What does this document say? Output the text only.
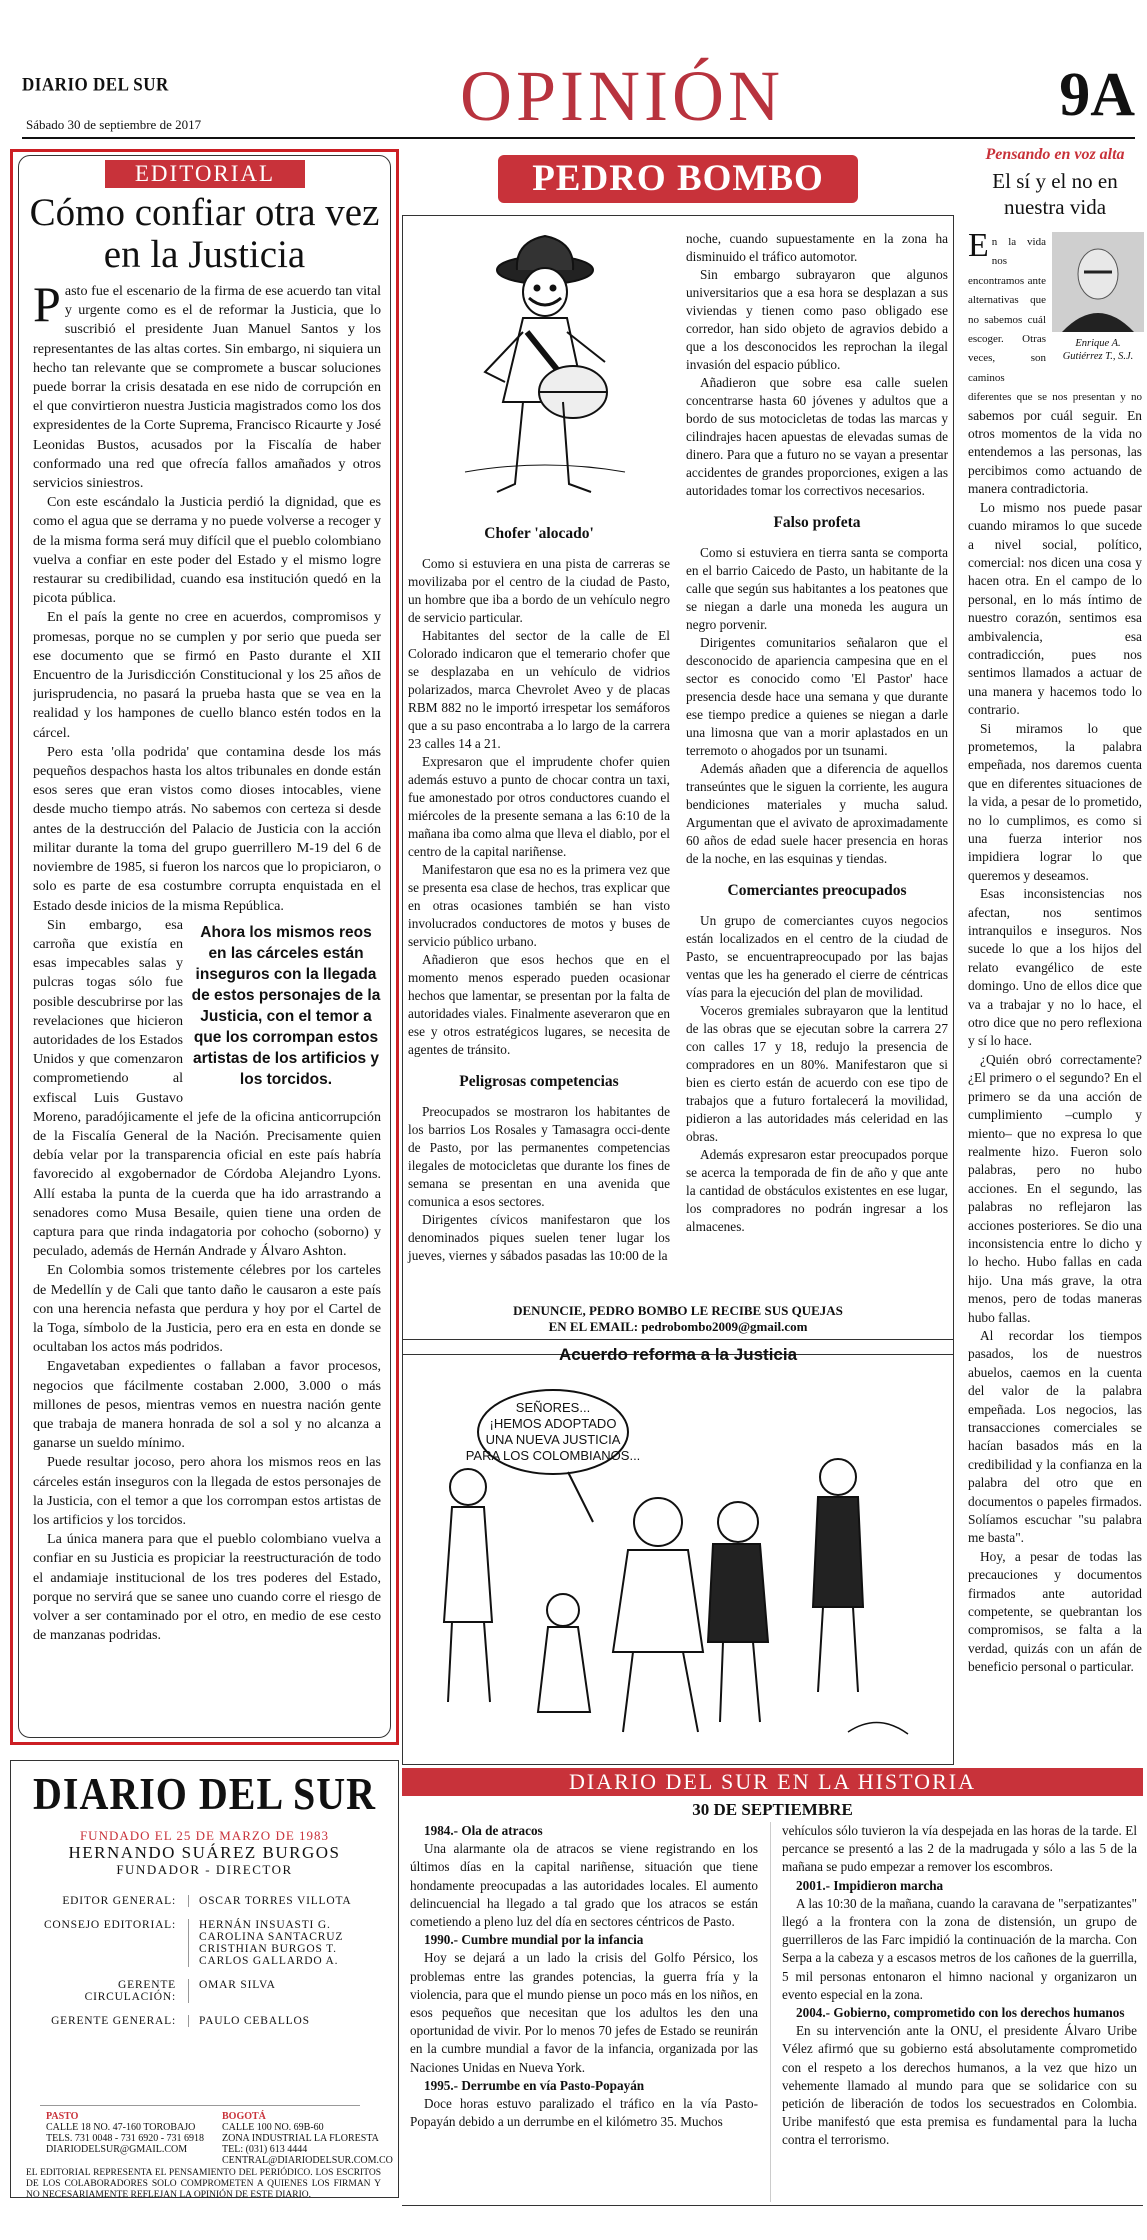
DIARIO DEL SUR
Sábado 30 de septiembre de 2017	OPINIÓN	9A
EDITORIAL
Cómo confiar otra vez en la Justicia

Pasto fue el escenario de la firma de ese acuerdo tan vital y urgente como es el de reformar la Justicia, que lo suscribió el presidente Juan Manuel Santos y los representantes de las altas cortes. Sin embargo, ni siquiera un hecho tan relevante que se compromete a buscar soluciones puede borrar la crisis desatada en ese nido de corrupción en el que convirtieron nuestra Justicia magistrados como los dos expresidentes de la Corte Suprema, Francisco Ricaurte y José Leonidas Bustos, acusados por la Fiscalía de haber conformado una red que ofrecía fallos amañados y otros servicios siniestros.

Con este escándalo la Justicia perdió la dignidad, que es como el agua que se derrama y no puede volverse a recoger y de la misma forma será muy difícil que el pueblo colombiano vuelva a confiar en este poder del Estado y el mismo logre restaurar su credibilidad, cuando esa institución quedó en la picota pública.

En el país la gente no cree en acuerdos, compromisos y promesas, porque no se cumplen y por serio que pueda ser ese documento que se firmó en Pasto durante el XII Encuentro de la Jurisdicción Constitucional y los 25 años de jurisprudencia, no pasará la prueba hasta que se vea en la realidad y los hampones de cuello blanco estén todos en la cárcel.

Pero esta 'olla podrida' que contamina desde los más pequeños despachos hasta los altos tribunales en donde están esos seres que eran vistos como dioses intocables, viene desde mucho tiempo atrás. No sabemos con certeza si desde antes de la destrucción del Palacio de Justicia con la acción militar durante la toma del grupo guerrillero M-19 del 6 de noviembre de 1985, si fueron los narcos que lo propiciaron, o solo es parte de esa costumbre corrupta enquistada en el Estado desde inicios de la misma República.

Ahora los mismos reos en las cárceles están inseguros con la llegada de estos personajes de la Justicia, con el temor a que los corrompan estos artistas de los artificios y los torcidos.
Sin embargo, esa carroña que existía en esas impecables salas y pulcras togas sólo fue posible descubrirse por las revelaciones que hicieron autoridades de los Estados Unidos y que comenzaron comprometiendo al exfiscal Luis Gustavo Moreno, paradójicamente el jefe de la oficina anticorrupción de la Fiscalía General de la Nación. Precisamente quien debía velar por la transparencia oficial en este país habría favorecido al exgobernador de Córdoba Alejandro Lyons. Allí estaba la punta de la cuerda que ha ido arrastrando a senadores como Musa Besaile, quien tiene una orden de captura para que rinda indagatoria por cohocho (soborno) y peculado, además de Hernán Andrade y Álvaro Ashton.

En Colombia somos tristemente célebres por los carteles de Medellín y de Cali que tanto daño le causaron a este país con una herencia nefasta que perdura y hoy por el Cartel de la Toga, símbolo de la Justicia, pero era en esta en donde se ocultaban los actos más podridos.

Engavetaban expedientes o fallaban a favor procesos, negocios que fácilmente costaban 2.000, 3.000 o más millones de pesos, mientras vemos en nuestra nación gente que trabaja de manera honrada de sol a sol y no alcanza a ganarse un sueldo mínimo.

Puede resultar jocoso, pero ahora los mismos reos en las cárceles están inseguros con la llegada de estos personajes de la Justicia, con el temor a que los corrompan estos artistas de los artificios y los torcidos.

La única manera para que el pueblo colombiano vuelva a confiar en su Justicia es propiciar la reestructuración de todo el andamiaje institucional de los tres poderes del Estado, porque no servirá que se sanee uno cuando corre el riesgo de volver a ser contaminado por el otro, en medio de ese cesto de manzanas podridas.

DIARIO DEL SUR
FUNDADO EL 25 DE MARZO DE 1983
HERNANDO SUÁREZ BURGOS
FUNDADOR - DIRECTOR
EDITOR GENERAL:	OSCAR TORRES VILLOTA
CONSEJO EDITORIAL:	HERNÁN INSUASTI G.
CAROLINA SANTACRUZ
CRISTHIAN BURGOS T.
CARLOS GALLARDO A.
GERENTE CIRCULACIÓN:
OMAR SILVA
GERENTE GENERAL:	PAULO CEBALLOS
PASTO
CALLE 18 NO. 47-160 TOROBAJO
TELS. 731 0048 - 731 6920 - 731 6918
DIARIODELSUR@GMAIL.COM
BOGOTÁ
CALLE 100 NO. 69B-60
ZONA INDUSTRIAL LA FLORESTA
TEL: (031) 613 4444
CENTRAL@DIARIODELSUR.COM.CO
EL EDITORIAL REPRESENTA EL PENSAMIENTO DEL PERIÓDICO. LOS ESCRITOS DE LOS COLABORADORES SOLO COMPROMETEN A QUIENES LOS FIRMAN Y NO NECESARIAMENTE REFLEJAN LA OPINIÓN DE ESTE DIARIO.
PEDRO BOMBO
Chofer 'alocado'

Como si estuviera en una pista de carreras se movilizaba por el centro de la ciudad de Pasto, un hombre que iba a bordo de un vehículo negro de servicio particular.

Habitantes del sector de la calle de El Colorado indicaron que el temerario chofer que se desplazaba en un vehículo de vidrios polarizados, marca Chevrolet Aveo y de placas RBM 882 no le importó irrespetar los semáforos que a su paso encontraba a lo largo de la carrera 23 calles 14 a 21.

Expresaron que el imprudente chofer quien además estuvo a punto de chocar contra un taxi, fue amonestado por otros conductores cuando el miércoles de la presente semana a las 6:10 de la mañana iba como alma que lleva el diablo, por el centro de la capital nariñense.

Manifestaron que esa no es la primera vez que se presenta esa clase de hechos, tras explicar que en otras ocasiones también se han visto involucrados conductores de motos y buses de servicio público urbano.

Añadieron que esos hechos que en el momento menos esperado pueden ocasionar hechos que lamentar, se presentan por la falta de autoridades viales. Finalmente aseveraron que en ese y otros estratégicos lugares, se necesita de agentes de tránsito.

Peligrosas competencias

Preocupados se mostraron los habitantes de los barrios Los Rosales y Tamasagra occi-dente de Pasto, por las permanentes competencias ilegales de motocicletas que durante los fines de semana se presentan en una avenida que comunica a esos sectores.

Dirigentes cívicos manifestaron que los denominados piques suelen tener lugar los jueves, viernes y sábados pasadas las 10:00 de la

noche, cuando supuestamente en la zona ha disminuido el tráfico automotor.

Sin embargo subrayaron que algunos universitarios que a esa hora se desplazan a sus viviendas y tienen como paso obligado ese corredor, han sido objeto de agravios debido a que a los desconocidos les reprochan la ilegal invasión del espacio público.

Añadieron que sobre esa calle suelen concentrarse hasta 60 jóvenes y adultos que a bordo de sus motocicletas de todas las marcas y cilindrajes hacen apuestas de elevadas sumas de dinero. Para que a futuro no se vayan a presentar accidentes de grandes proporciones, exigen a las autoridades tomar los correctivos necesarios.

Falso profeta

Como si estuviera en tierra santa se comporta en el barrio Caicedo de Pasto, un habitante de la calle que según sus habitantes a los peatones que se niegan a darle una moneda les augura un negro porvenir.

Dirigentes comunitarios señalaron que el desconocido de apariencia campesina que en el sector es conocido como 'El Pastor' hace presencia desde hace una semana y que durante ese tiempo predice a quienes se niegan a darle una limosna que van a morir aplastados en un terremoto o ahogados por un tsunami.

Además añaden que a diferencia de aquellos transeúntes que le siguen la corriente, les augura bendiciones materiales y mucha salud. Argumentan que el avivato de aproximadamente 60 años de edad suele hacer presencia en horas de la noche, en las esquinas y tiendas.

Comerciantes preocupados

Un grupo de comerciantes cuyos negocios están localizados en el centro de la ciudad de Pasto, se encuentrapreocupado por las bajas ventas que les ha generado el cierre de céntricas vías para la ejecución del plan de movilidad.

Voceros gremiales subrayaron que la lentitud de las obras que se ejecutan sobre la carrera 27 con calles 17 y 18, redujo la presencia de compradores en un 80%. Manifestaron que si bien es cierto están de acuerdo con ese tipo de trabajos que a futuro fortalecerá la movilidad, pidieron a las autoridades más celeridad en las obras.

Además expresaron estar preocupados porque se acerca la temporada de fin de año y que ante la cantidad de obstáculos existentes en ese lugar, los compradores no podrán ingresar a los almacenes.

DENUNCIE, PEDRO BOMBO LE RECIBE SUS QUEJAS
EN EL EMAIL: pedrobombo2009@gmail.com
Acuerdo reforma a la Justicia
SEÑORES...
¡HEMOS ADOPTADO
UNA NUEVA JUSTICIA
PARA LOS COLOMBIANOS...
Pensando en voz alta
El sí y el no en nuestra vida
Enrique A.
Gutiérrez T., S.J.

En la vida nos encontramos ante alternativas que no sabemos cuál escoger. Otras veces, son caminos diferentes que se nos presentan y no sabemos por cuál seguir. En otros momentos de la vida no entendemos a las personas, las percibimos como actuando de manera contradictoria.

Lo mismo nos puede pasar cuando miramos lo que sucede a nivel social, político, comercial: nos dicen una cosa y hacen otra. En el campo de lo personal, en lo más íntimo de nuestro corazón, sentimos esa ambivalencia, esa contradicción, pues nos sentimos llamados a actuar de una manera y hacemos todo lo contrario.

Si miramos lo que prometemos, la palabra empeñada, nos daremos cuenta que en diferentes situaciones de la vida, a pesar de lo prometido, no lo cumplimos, es como si una fuerza interior nos impidiera lograr lo que queremos y deseamos.

Esas inconsistencias nos afectan, nos sentimos intranquilos e inseguros. Nos sucede lo que a los hijos del relato evangélico de este domingo. Uno de ellos dice que va a trabajar y no lo hace, el otro dice que no pero reflexiona y sí lo hace.

¿Quién obró correctamente? ¿El primero o el segundo? En el primero se da una acción de cumplimiento –cumplo y miento– que no expresa lo que realmente hizo. Fueron solo palabras, pero no hubo acciones. En el segundo, las palabras no reflejaron las acciones posteriores. Se dio una inconsistencia entre lo dicho y lo hecho. Hubo fallas en cada hijo. Una más grave, la otra menos, pero de todas maneras hubo fallas.

Al recordar los tiempos pasados, los de nuestros abuelos, caemos en la cuenta del valor de la palabra empeñada. Los negocios, las transacciones comerciales se hacían basados más en la credibilidad y la confianza en la palabra del otro que en documentos o papeles firmados. Solíamos escuchar "su palabra me basta".

Hoy, a pesar de todas las precauciones y documentos firmados ante autoridad competente, se quebrantan los compromisos, se falta a la verdad, quizás con un afán de beneficio personal o particular.

DIARIO DEL SUR EN LA HISTORIA
30 DE SEPTIEMBRE

1984.- Ola de atracos

Una alarmante ola de atracos se viene registrando en los últimos días en la capital nariñense, situación que tiene hondamente preocupadas a las autoridades locales. El aumento delincuencial ha llegado a tal grado que los atracos se están cometiendo a pleno luz del día en sectores céntricos de Pasto.

1990.- Cumbre mundial por la infancia

Hoy se dejará a un lado la crisis del Golfo Pérsico, los problemas entre las grandes potencias, la guerra fría y la violencia, para que el mundo piense un poco más en los niños, en esos pequeños que necesitan que los adultos les den una oportunidad de vivir. Por lo menos 70 jefes de Estado se reunirán en la cumbre mundial a favor de la infancia, organizada por las Naciones Unidas en Nueva York.

1995.- Derrumbe en vía Pasto-Popayán

Doce horas estuvo paralizado el tráfico en la vía Pasto-Popayán debido a un derrumbe en el kilómetro 35. Muchos

vehículos sólo tuvieron la vía despejada en las horas de la tarde. El percance se presentó a las 2 de la madrugada y sólo a las 5 de la mañana se pudo empezar a remover los escombros.

2001.- Impidieron marcha

A las 10:30 de la mañana, cuando la caravana de "serpatizantes" llegó a la frontera con la zona de distensión, un grupo de guerrilleros de las Farc impidió la continuación de la marcha. Con Serpa a la cabeza y a escasos metros de los cañones de la guerrilla, 5 mil personas entonaron el himno nacional y organizaron un evento especial en la zona.

2004.- Gobierno, comprometido con los derechos humanos

En su intervención ante la ONU, el presidente Álvaro Uribe Vélez afirmó que su gobierno está absolutamente comprometido con el respeto a los derechos humanos, a la vez que hizo un vehemente llamado al mundo para que se solidarice con su petición de liberación de todos los secuestrados en Colombia. Uribe manifestó que esta premisa es fundamental para la lucha contra el terrorismo.
